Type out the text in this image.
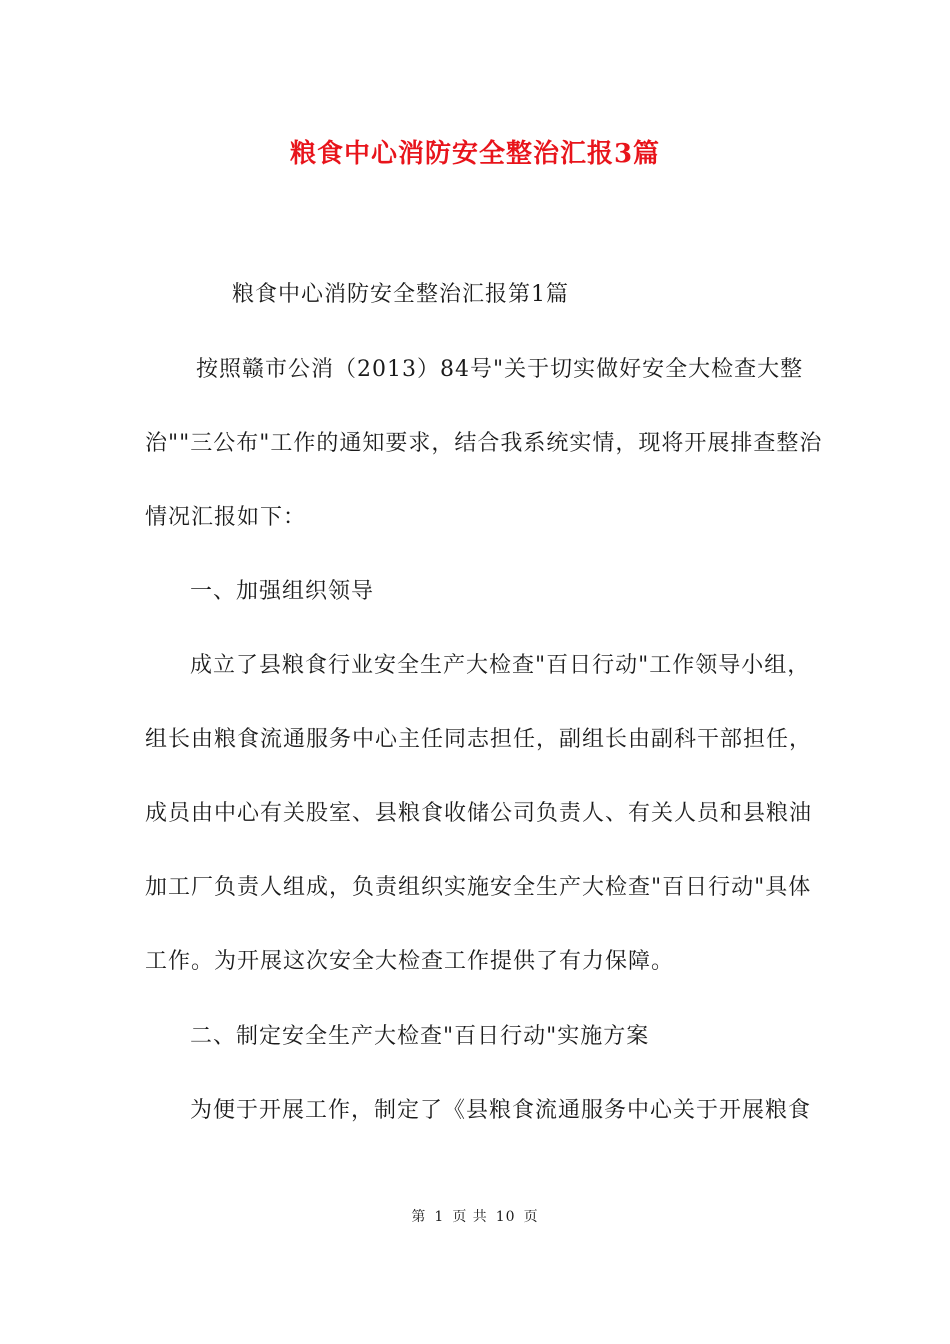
粮食中心消防安全整治汇报3篇
粮食中心消防安全整治汇报第1篇
按照赣市公消（2013）84号"关于切实做好安全大检查大整
治""三公布"工作的通知要求，结合我系统实情，现将开展排查整治
情况汇报如下：
一、加强组织领导
成立了县粮食行业安全生产大检查"百日行动"工作领导小组，
组长由粮食流通服务中心主任同志担任，副组长由副科干部担任，
成员由中心有关股室、县粮食收储公司负责人、有关人员和县粮油
加工厂负责人组成，负责组织实施安全生产大检查"百日行动"具体
工作。为开展这次安全大检查工作提供了有力保障。
二、制定安全生产大检查"百日行动"实施方案
为便于开展工作，制定了《县粮食流通服务中心关于开展粮食
第 1 页 共 10 页
